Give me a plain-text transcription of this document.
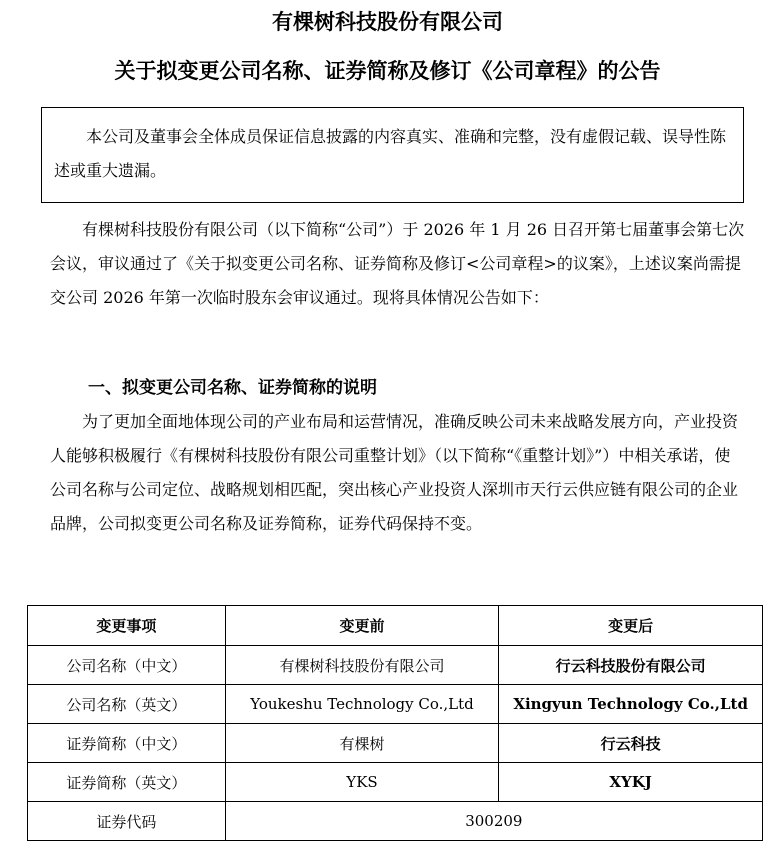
有棵树科技股份有限公司
关于拟变更公司名称、证券简称及修订《公司章程》的公告
本公司及董事会全体成员保证信息披露的内容真实、准确和完整，没有虚假记载、误导性陈述或重大遗漏。
有棵树科技股份有限公司（以下简称“公司”）于 2026 年 1 月 26 日召开第七届董事会第七次会议，审议通过了《关于拟变更公司名称、证券简称及修订<公司章程>的议案》，上述议案尚需提交公司 2026 年第一次临时股东会审议通过。现将具体情况公告如下：
一、拟变更公司名称、证券简称的说明
为了更加全面地体现公司的产业布局和运营情况，准确反映公司未来战略发展方向，产业投资人能够积极履行《有棵树科技股份有限公司重整计划》（以下简称“《重整计划》”）中相关承诺，使公司名称与公司定位、战略规划相匹配，突出核心产业投资人深圳市天行云供应链有限公司的企业品牌，公司拟变更公司名称及证券简称，证券代码保持不变。
变更事项	变更前	变更后
公司名称（中文）	有棵树科技股份有限公司	行云科技股份有限公司
公司名称（英文）	Youkeshu Technology Co.,Ltd	Xingyun Technology Co.,Ltd
证券简称（中文）	有棵树	行云科技
证券简称（英文）	YKS	XYKJ
证券代码	300209	
